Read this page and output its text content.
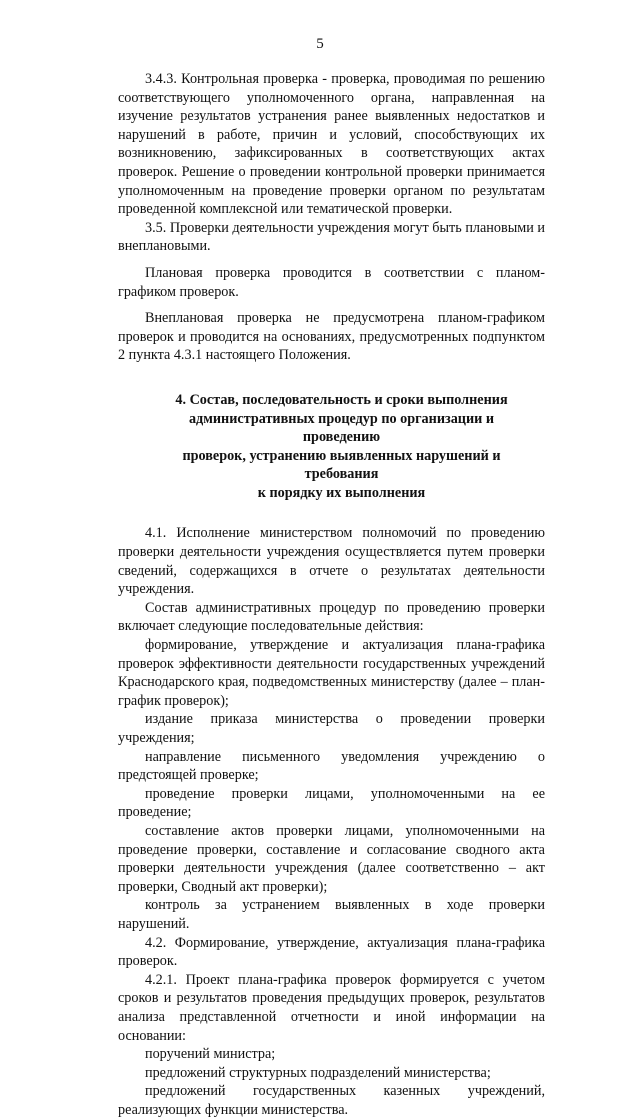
5

3.4.3. Контрольная проверка - проверка, проводимая по решению соответствующего уполномоченного органа, направленная на изучение результатов устранения ранее выявленных недостатков и нарушений в работе, причин и условий, способствующих их возникновению, зафиксированных в соответствующих актах проверок. Решение о проведении контрольной проверки принимается уполномоченным на проведение проверки органом по результатам проведенной комплексной или тематической проверки.

3.5. Проверки деятельности учреждения могут быть плановыми и внеплановыми.

Плановая проверка проводится в соответствии с планом-графиком проверок.

Внеплановая проверка не предусмотрена планом-графиком проверок и проводится на основаниях, предусмотренных подпунктом 2 пункта 4.3.1 настоящего Положения.

4. Состав, последовательность и сроки выполнения
административных процедур по организации и проведению
проверок, устранению выявленных нарушений и требования
к порядку их выполнения

4.1. Исполнение министерством полномочий по проведению проверки деятельности учреждения осуществляется путем проверки сведений, содержащихся в отчете о результатах деятельности учреждения.

Состав административных процедур по проведению проверки включает следующие последовательные действия:

формирование, утверждение и актуализация плана-графика проверок эффективности деятельности государственных учреждений Краснодарского края, подведомственных министерству (далее – план-график проверок);

издание приказа министерства о проведении проверки учреждения;

направление письменного уведомления учреждению о предстоящей проверке;

проведение проверки лицами, уполномоченными на ее проведение;

составление актов проверки лицами, уполномоченными на проведение проверки, составление и согласование сводного акта проверки деятельности учреждения (далее соответственно – акт проверки, Сводный акт проверки);

контроль за устранением выявленных в ходе проверки нарушений.

4.2. Формирование, утверждение, актуализация плана-графика проверок.

4.2.1. Проект плана-графика проверок формируется с учетом сроков и результатов проведения предыдущих проверок, результатов анализа представленной отчетности и иной информации на основании:

поручений министра;

предложений структурных подразделений министерства;

предложений государственных казенных учреждений, реализующих функции министерства.
